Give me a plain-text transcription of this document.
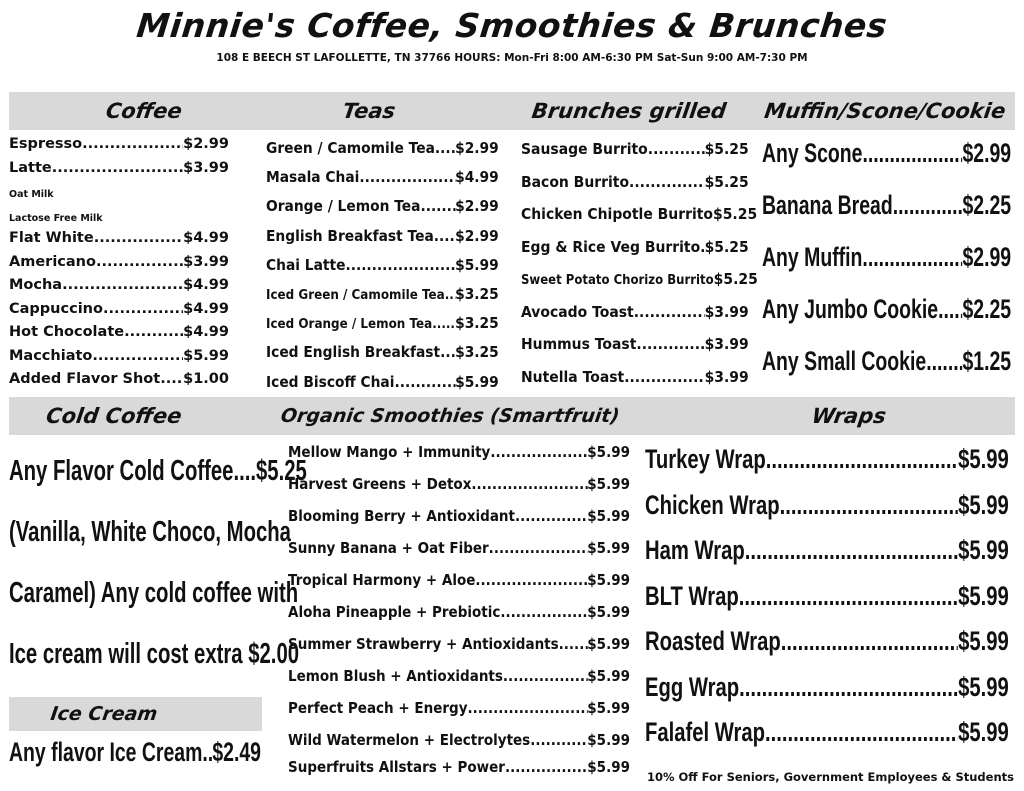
Minnie's Coffee, Smoothies & Brunches
108 E BEECH ST LAFOLLETTE, TN 37766 HOURS: Mon-Fri 8:00 AM-6:30 PM Sat-Sun 9:00 AM-7:30 PM
Coffee	Teas	Brunches grilled	Muffin/Scone/Cookie
Espresso .....	$2.99
Latte .....	$3.99
Oat Milk
Lactose Free Milk
Flat White .....	$4.99
Americano .....	$3.99
Mocha .....	$4.99
Cappuccino .....	$4.99
Hot Chocolate .....	$4.99
Macchiato .....	$5.99
Added Flavor Shot ..... $1.00
Green / Camomile Tea ..... $2.99
Masala Chai .....	$4.99
Orange / Lemon Tea ..... $2.99
English Breakfast Tea ..... $2.99
Chai Latte .....	$5.99
Iced Green / Camomile Tea ..... $3.25
Iced Orange / Lemon Tea ..... $3.25
Iced English Breakfast ..... $3.25
Iced Biscoff Chai .....	$5.99
Sausage Burrito .....	$5.25
Bacon Burrito .....	$5.25
Chicken Chipotle Burrito $5.25
Egg & Rice Veg Burrito ..... $5.25
Sweet Potato Chorizo Burrito $5.25
Avocado Toast .....	$3.99
Hummus Toast .....	$3.99
Nutella Toast .....	$3.99
Any Scone .....	$2.99
Banana Bread .....	$2.25
Any Muffin .....	$2.99
Any Jumbo Cookie ..... $2.25
Any Small Cookie ..... $1.25
Cold Coffee	Organic Smoothies (Smartfruit)	Wraps
Any Flavor Cold Coffee....$5.25
(Vanilla, White Choco, Mocha
Caramel) Any cold coffee with
Ice cream will cost extra $2.00
Ice Cream
Any flavor Ice Cream ..... $2.49
Mellow Mango + Immunity .....	$5.99
Harvest Greens + Detox .....	$5.99
Blooming Berry + Antioxidant .....	$5.99
Sunny Banana + Oat Fiber .....	$5.99
Tropical Harmony + Aloe .....	$5.99
Aloha Pineapple + Prebiotic .....	$5.99
Summer Strawberry + Antioxidants ..... $5.99
Lemon Blush + Antioxidants .....	$5.99
Perfect Peach + Energy .....	$5.99
Wild Watermelon + Electrolytes .....	$5.99
Superfruits Allstars + Power .....	$5.99
Turkey Wrap .....	$5.99
Chicken Wrap .....	$5.99
Ham Wrap .....	$5.99
BLT Wrap .....	$5.99
Roasted Wrap .....	$5.99
Egg Wrap .....	$5.99
Falafel Wrap .....	$5.99
10% Off For Seniors, Government Employees & Students
